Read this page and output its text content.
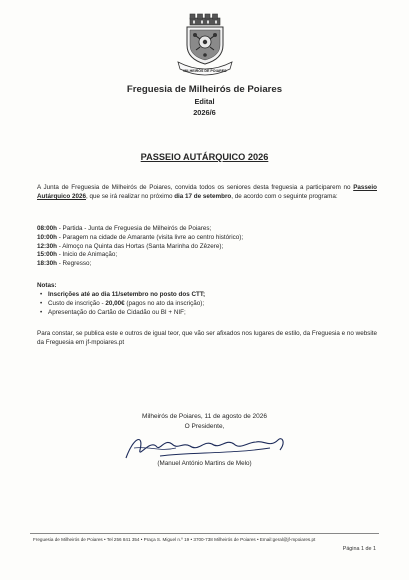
MILHEIRÓS DE POIARES
Freguesia de Milheirós de Poiares
Edital
2026/6
PASSEIO AUTÁRQUICO 2026
A Junta de Freguesia de Milheirós de Poiares, convida todos os seniores desta freguesia a participarem no Passeio Autárquico 2026, que se irá realizar no próximo dia 17 de setembro, de acordo com o seguinte programa:
08:00h - Partida - Junta de Freguesia de Milheirós de Poiares;
10:00h - Paragem na cidade de Amarante (visita livre ao centro histórico);
12:30h - Almoço na Quinta das Hortas (Santa Marinha do Zêzere);
15:00h - Inicio de Animação;
18:30h - Regresso;
Notas:
• Inscrições até ao dia 11/setembro no posto dos CTT;
• Custo de inscrição - 20,00€ (pagos no ato da inscrição);
• Apresentação do Cartão de Cidadão ou BI + NIF;
Para constar, se publica este e outros de igual teor, que vão ser afixados nos lugares de estilo, da Freguesia e no website da Freguesia em jf-mpoiares.pt
Milheirós de Poiares, 11 de agosto de 2026
O Presidente,
(Manuel António Martins de Melo)
Freguesia de Milheirós de Poiares • Tel 256 841 354 • Praça S. Miguel n.º 19 • 3700-738 Milheirós de Poiares • Email:geral@jf-mpoiares.pt
Página 1 de 1
